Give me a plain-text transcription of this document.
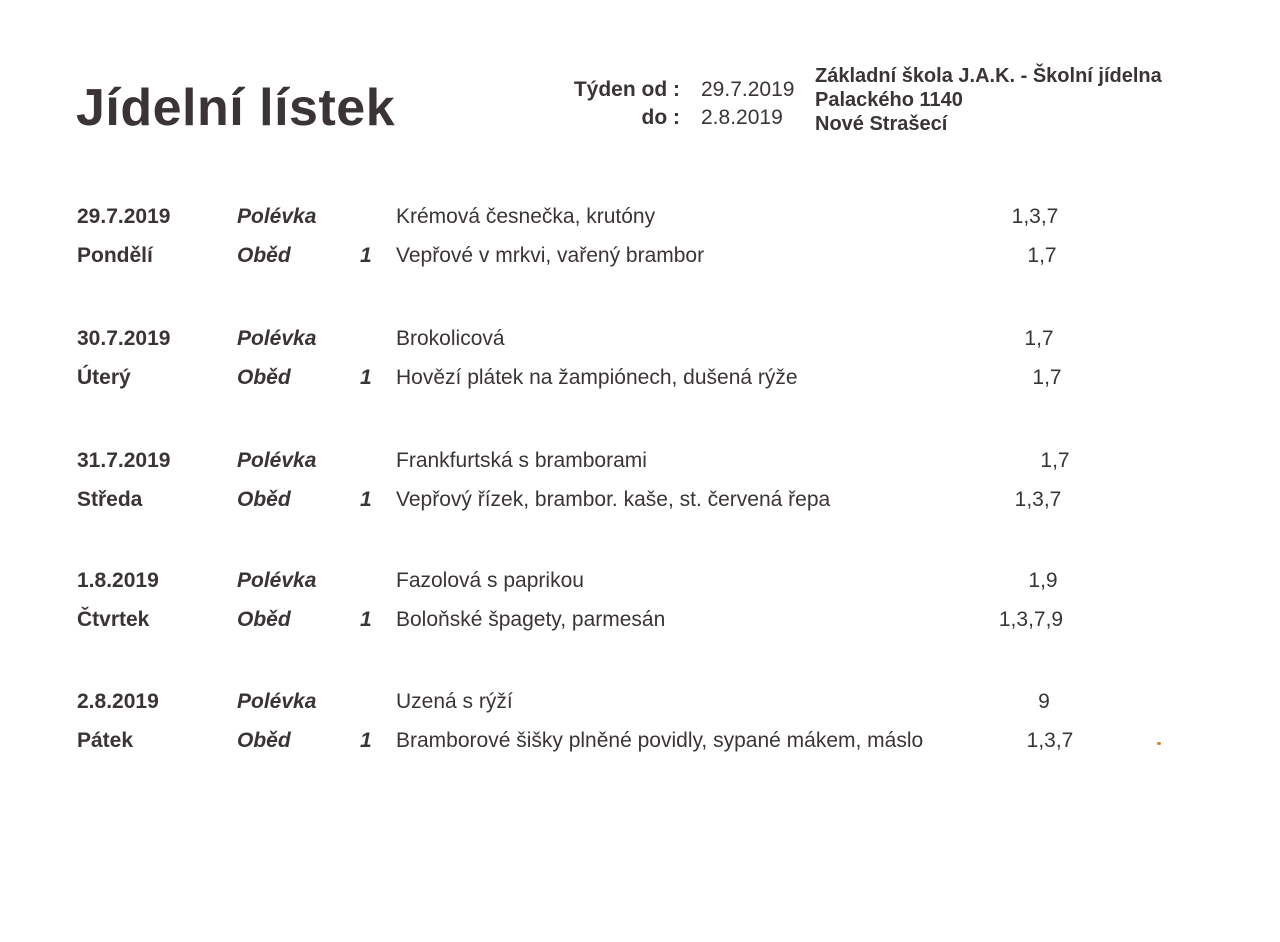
Jídelní lístek	Týden od : 29.7.2019
do : 2.8.2019
Základní škola J.A.K. - Školní jídelna
Palackého 1140
Nové Strašecí
29.7.2019	Polévka	Krémová česnečka, krutóny	1,3,7
Pondělí	Oběd	1 Vepřové v mrkvi, vařený brambor	1,7
30.7.2019	Polévka	Brokolicová	1,7
Úterý	Oběd	1 Hovězí plátek na žampiónech, dušená rýže	1,7
31.7.2019	Polévka	Frankfurtská s bramborami	1,7
Středa	Oběd	1 Vepřový řízek, brambor. kaše, st. červená řepa	1,3,7
1.8.2019	Polévka	Fazolová s paprikou	1,9
Čtvrtek	Oběd	1 Boloňské špagety, parmesán	1,3,7,9
2.8.2019	Polévka	Uzená s rýží	9
Pátek	Oběd	1 Bramborové šišky plněné povidly, sypané mákem, máslo	1,3,7
